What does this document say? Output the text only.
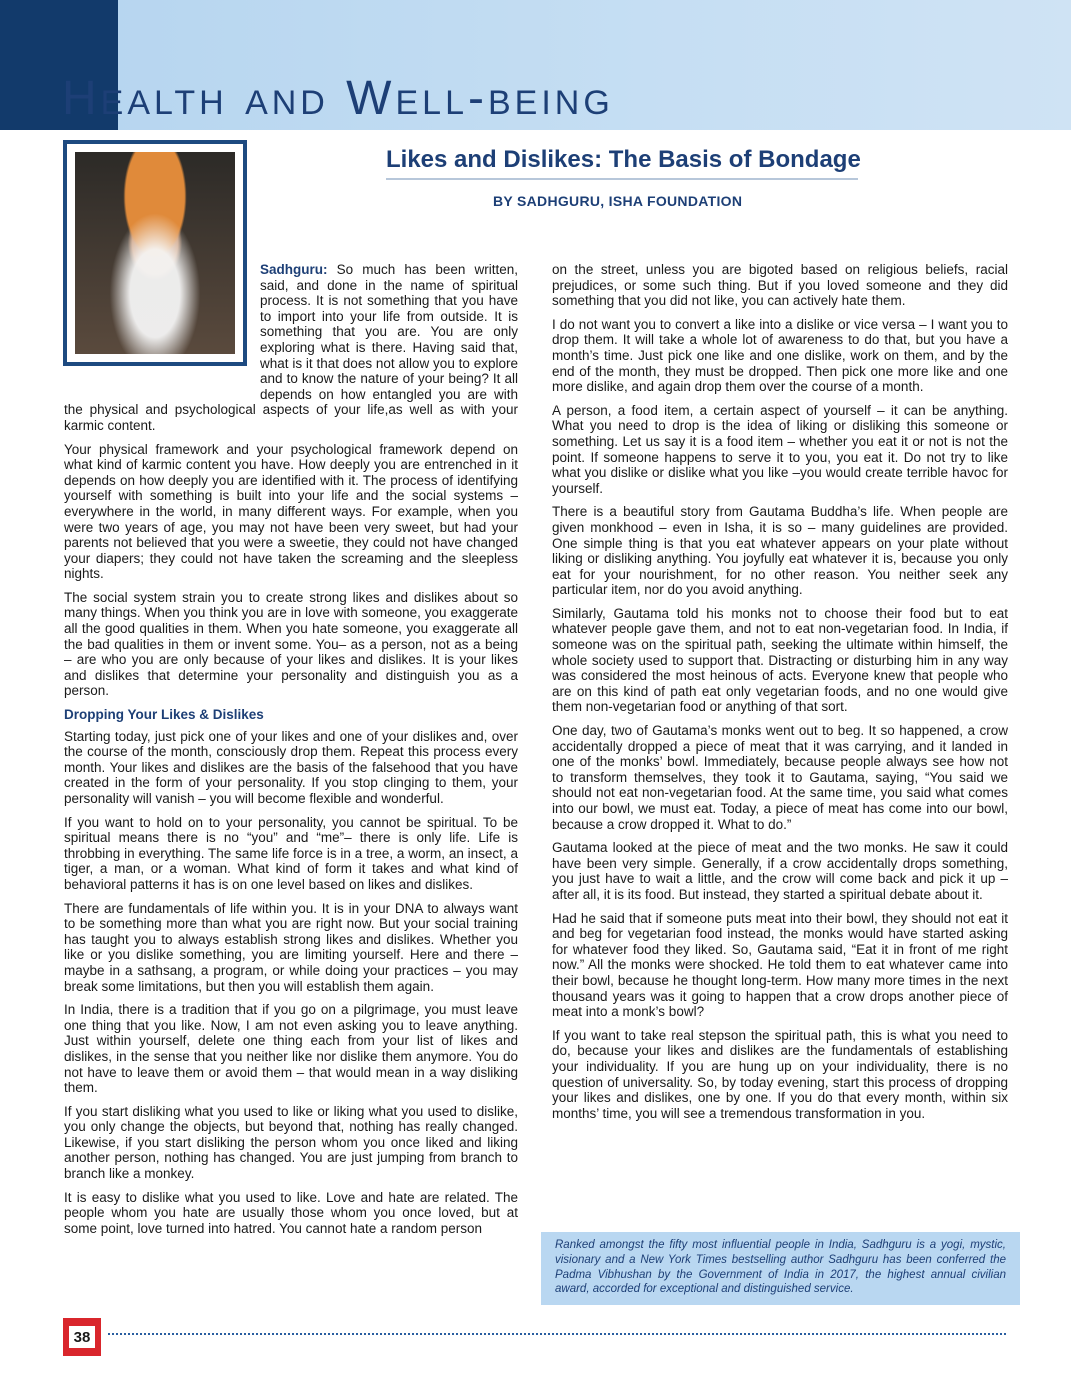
Health and Well-being
Likes and Dislikes: The Basis of Bondage
BY SADHGURU, ISHA FOUNDATION

Sadhguru: So much has been written, said, and done in the name of spiritual process. It is not something that you have to import into your life from outside. It is something that you are. You are only exploring what is there. Having said that, what is it that does not allow you to explore and to know the nature of your being? It all depends on how entangled you are with the physical and psychological aspects of your life,as well as with your karmic content.

Your physical framework and your psychological framework depend on what kind of karmic content you have. How deeply you are entrenched in it depends on how deeply you are identified with it. The process of identifying yourself with something is built into your life and the social systems – everywhere in the world, in many different ways. For example, when you were two years of age, you may not have been very sweet, but had your parents not believed that you were a sweetie, they could not have changed your diapers; they could not have taken the screaming and the sleepless nights.

The social system strain you to create strong likes and dislikes about so many things. When you think you are in love with someone, you exaggerate all the good qualities in them. When you hate someone, you exaggerate all the bad qualities in them or invent some. You– as a person, not as a being – are who you are only because of your likes and dislikes. It is your likes and dislikes that determine your personality and distinguish you as a person.

Dropping Your Likes & Dislikes

Starting today, just pick one of your likes and one of your dislikes and, over the course of the month, consciously drop them. Repeat this process every month. Your likes and dislikes are the basis of the falsehood that you have created in the form of your personality. If you stop clinging to them, your personality will vanish – you will become flexible and wonderful.

If you want to hold on to your personality, you cannot be spiritual. To be spiritual means there is no “you” and “me”– there is only life. Life is throbbing in everything. The same life force is in a tree, a worm, an insect, a tiger, a man, or a woman. What kind of form it takes and what kind of behavioral patterns it has is on one level based on likes and dislikes.

There are fundamentals of life within you. It is in your DNA to always want to be something more than what you are right now. But your social training has taught you to always establish strong likes and dislikes. Whether you like or you dislike something, you are limiting yourself. Here and there – maybe in a sathsang, a program, or while doing your practices – you may break some limitations, but then you will establish them again.

In India, there is a tradition that if you go on a pilgrimage, you must leave one thing that you like. Now, I am not even asking you to leave anything. Just within yourself, delete one thing each from your list of likes and dislikes, in the sense that you neither like nor dislike them anymore. You do not have to leave them or avoid them – that would mean in a way disliking them.

If you start disliking what you used to like or liking what you used to dislike, you only change the objects, but beyond that, nothing has really changed. Likewise, if you start disliking the person whom you once liked and liking another person, nothing has changed. You are just jumping from branch to branch like a monkey.

It is easy to dislike what you used to like. Love and hate are related. The people whom you hate are usually those whom you once loved, but at some point, love turned into hatred. You cannot hate a random person

on the street, unless you are bigoted based on religious beliefs, racial prejudices, or some such thing. But if you loved someone and they did something that you did not like, you can actively hate them.

I do not want you to convert a like into a dislike or vice versa – I want you to drop them. It will take a whole lot of awareness to do that, but you have a month’s time. Just pick one like and one dislike, work on them, and by the end of the month, they must be dropped. Then pick one more like and one more dislike, and again drop them over the course of a month.

A person, a food item, a certain aspect of yourself – it can be anything. What you need to drop is the idea of liking or disliking this someone or something. Let us say it is a food item – whether you eat it or not is not the point. If someone happens to serve it to you, you eat it. Do not try to like what you dislike or dislike what you like –you would create terrible havoc for yourself.

There is a beautiful story from Gautama Buddha’s life. When people are given monkhood – even in Isha, it is so – many guidelines are provided. One simple thing is that you eat whatever appears on your plate without liking or disliking anything. You joyfully eat whatever it is, because you only eat for your nourishment, for no other reason. You neither seek any particular item, nor do you avoid anything.

Similarly, Gautama told his monks not to choose their food but to eat whatever people gave them, and not to eat non-vegetarian food. In India, if someone was on the spiritual path, seeking the ultimate within himself, the whole society used to support that. Distracting or disturbing him in any way was considered the most heinous of acts. Everyone knew that people who are on this kind of path eat only vegetarian foods, and no one would give them non-vegetarian food or anything of that sort.

One day, two of Gautama’s monks went out to beg. It so happened, a crow accidentally dropped a piece of meat that it was carrying, and it landed in one of the monks’ bowl. Immediately, because people always see how not to transform themselves, they took it to Gautama, saying, “You said we should not eat non-vegetarian food. At the same time, you said what comes into our bowl, we must eat. Today, a piece of meat has come into our bowl, because a crow dropped it. What to do.”

Gautama looked at the piece of meat and the two monks. He saw it could have been very simple. Generally, if a crow accidentally drops something, you just have to wait a little, and the crow will come back and pick it up – after all, it is its food. But instead, they started a spiritual debate about it.

Had he said that if someone puts meat into their bowl, they should not eat it and beg for vegetarian food instead, the monks would have started asking for whatever food they liked. So, Gautama said, “Eat it in front of me right now.” All the monks were shocked. He told them to eat whatever came into their bowl, because he thought long-term. How many more times in the next thousand years was it going to happen that a crow drops another piece of meat into a monk’s bowl?

If you want to take real stepson the spiritual path, this is what you need to do, because your likes and dislikes are the fundamentals of establishing your individuality. If you are hung up on your individuality, there is no question of universality. So, by today evening, start this process of dropping your likes and dislikes, one by one. If you do that every month, within six months’ time, you will see a tremendous transformation in you.

Ranked amongst the fifty most influential people in India, Sadhguru is a yogi, mystic, visionary and a New York Times bestselling author Sadhguru has been conferred the Padma Vibhushan by the Government of India in 2017, the highest annual civilian award, accorded for exceptional and distinguished service.
38
